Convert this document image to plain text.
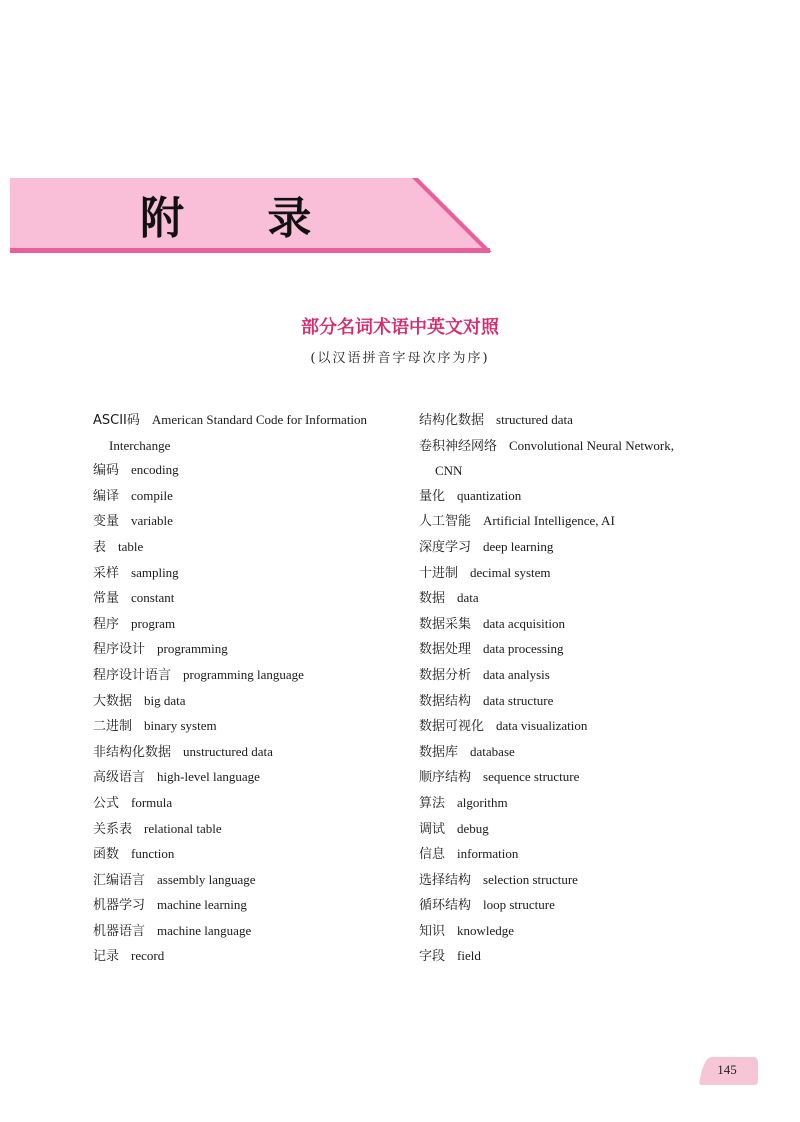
附 录
部分名词术语中英文对照
(以汉语拼音字母次序为序)
ASCII码 American Standard Code for Information
Interchange
编码 encoding
编译 compile
变量 variable
表 table
采样 sampling
常量 constant
程序 program
程序设计 programming
程序设计语言 programming language
大数据 big data
二进制 binary system
非结构化数据 unstructured data
高级语言 high-level language
公式 formula
关系表 relational table
函数 function
汇编语言 assembly language
机器学习 machine learning
机器语言 machine language
记录 record
结构化数据 structured data
卷积神经网络 Convolutional Neural Network,
CNN
量化 quantization
人工智能 Artificial Intelligence, AI
深度学习 deep learning
十进制 decimal system
数据 data
数据采集 data acquisition
数据处理 data processing
数据分析 data analysis
数据结构 data structure
数据可视化 data visualization
数据库 database
顺序结构 sequence structure
算法 algorithm
调试 debug
信息 information
选择结构 selection structure
循环结构 loop structure
知识 knowledge
字段 field
145
